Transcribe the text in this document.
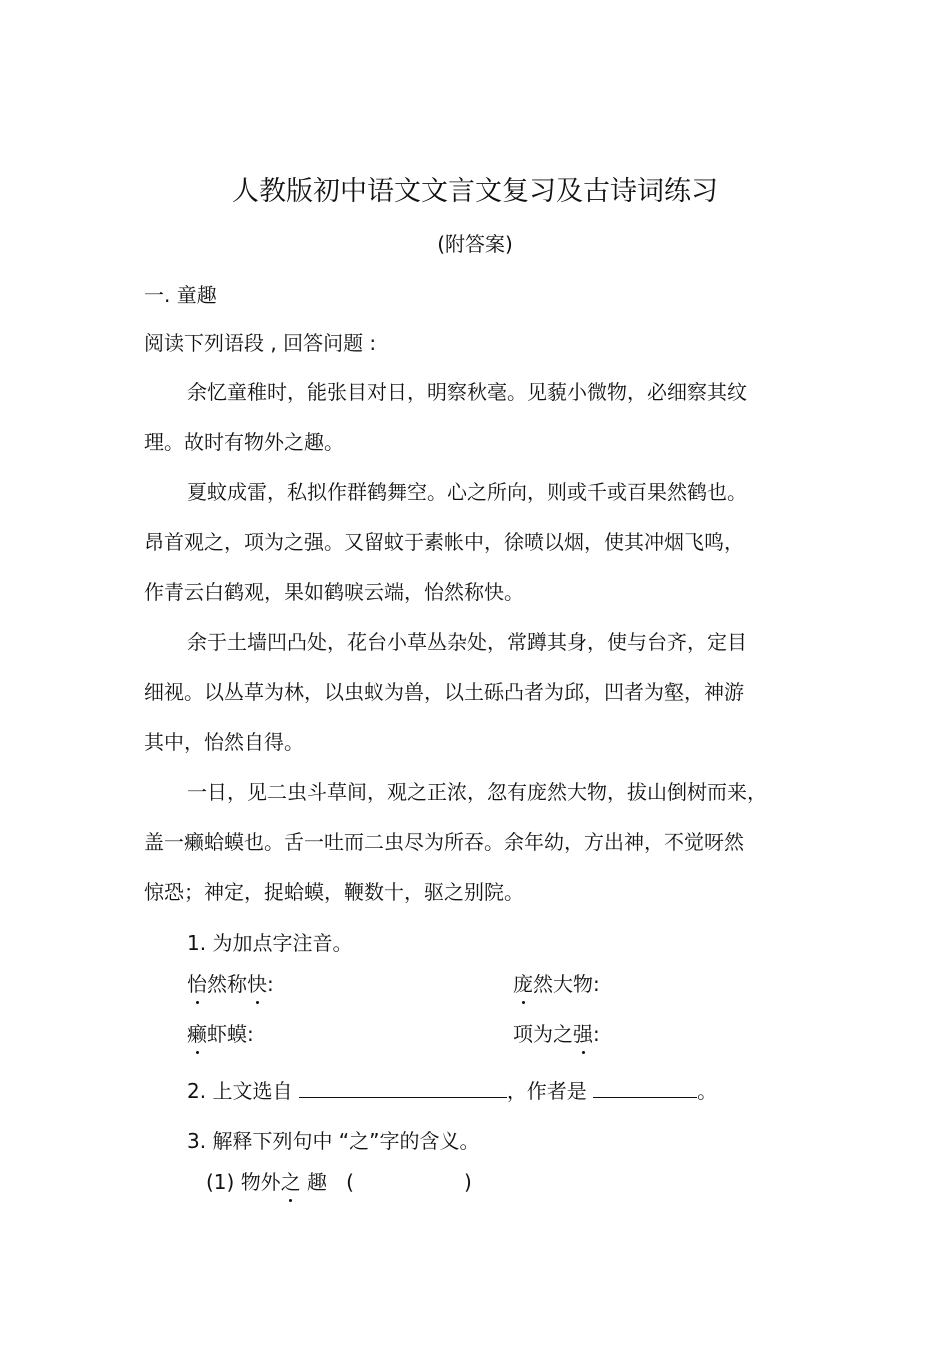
人教版初中语文文言文复习及古诗词练习
(附答案)
一. 童趣
阅读下列语段 , 回答问题 :
余忆童稚时，能张目对日，明察秋毫。见藐小微物，必细察其纹
理。故时有物外之趣。
夏蚊成雷，私拟作群鹤舞空。心之所向，则或千或百果然鹤也。
昂首观之，项为之强。又留蚊于素帐中，徐喷以烟，使其冲烟飞鸣，
作青云白鹤观，果如鹤唳云端，怡然称快。
余于土墙凹凸处，花台小草丛杂处，常蹲其身，使与台齐，定目
细视。以丛草为林，以虫蚁为兽，以土砾凸者为邱，凹者为壑，神游
其中，怡然自得。
一日，见二虫斗草间，观之正浓，忽有庞然大物，拔山倒树而来，
盖一癞蛤蟆也。舌一吐而二虫尽为所吞。余年幼，方出神，不觉呀然
惊恐；神定，捉蛤蟆，鞭数十，驱之别院。
1. 为加点字注音。
怡然称快:	庞然大物:
癞虾蟆:	项为之强:
2. 上文选自	，作者是	。
3. 解释下列句中 “之”字的含义。
(1) 物外之 趣 (	)
